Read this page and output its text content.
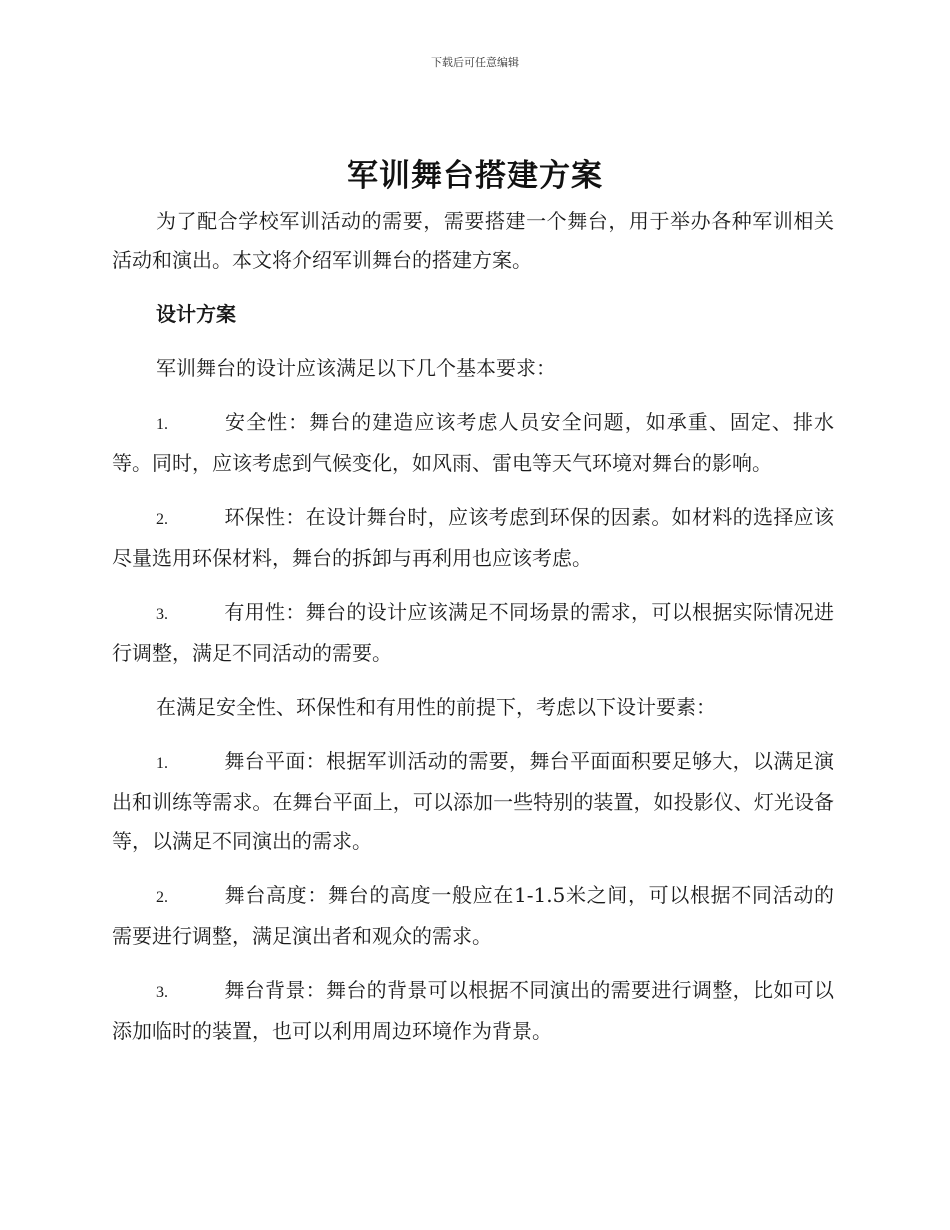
下载后可任意编辑
军训舞台搭建方案

为了配合学校军训活动的需要，需要搭建一个舞台，用于举办各种军训相关活动和演出。本文将介绍军训舞台的搭建方案。

设计方案

军训舞台的设计应该满足以下几个基本要求：

1.	安全性：舞台的建造应该考虑人员安全问题，如承重、固定、排水等。同时，应该考虑到气候变化，如风雨、雷电等天气环境对舞台的影响。

2.	环保性：在设计舞台时，应该考虑到环保的因素。如材料的选择应该尽量选用环保材料，舞台的拆卸与再利用也应该考虑。

3.	有用性：舞台的设计应该满足不同场景的需求，可以根据实际情况进行调整，满足不同活动的需要。

在满足安全性、环保性和有用性的前提下，考虑以下设计要素：

1.	舞台平面：根据军训活动的需要，舞台平面面积要足够大，以满足演出和训练等需求。在舞台平面上，可以添加一些特别的装置，如投影仪、灯光设备等，以满足不同演出的需求。

2.	舞台高度：舞台的高度一般应在1-1.5米之间，可以根据不同活动的需要进行调整，满足演出者和观众的需求。

3.	舞台背景：舞台的背景可以根据不同演出的需要进行调整，比如可以添加临时的装置，也可以利用周边环境作为背景。
